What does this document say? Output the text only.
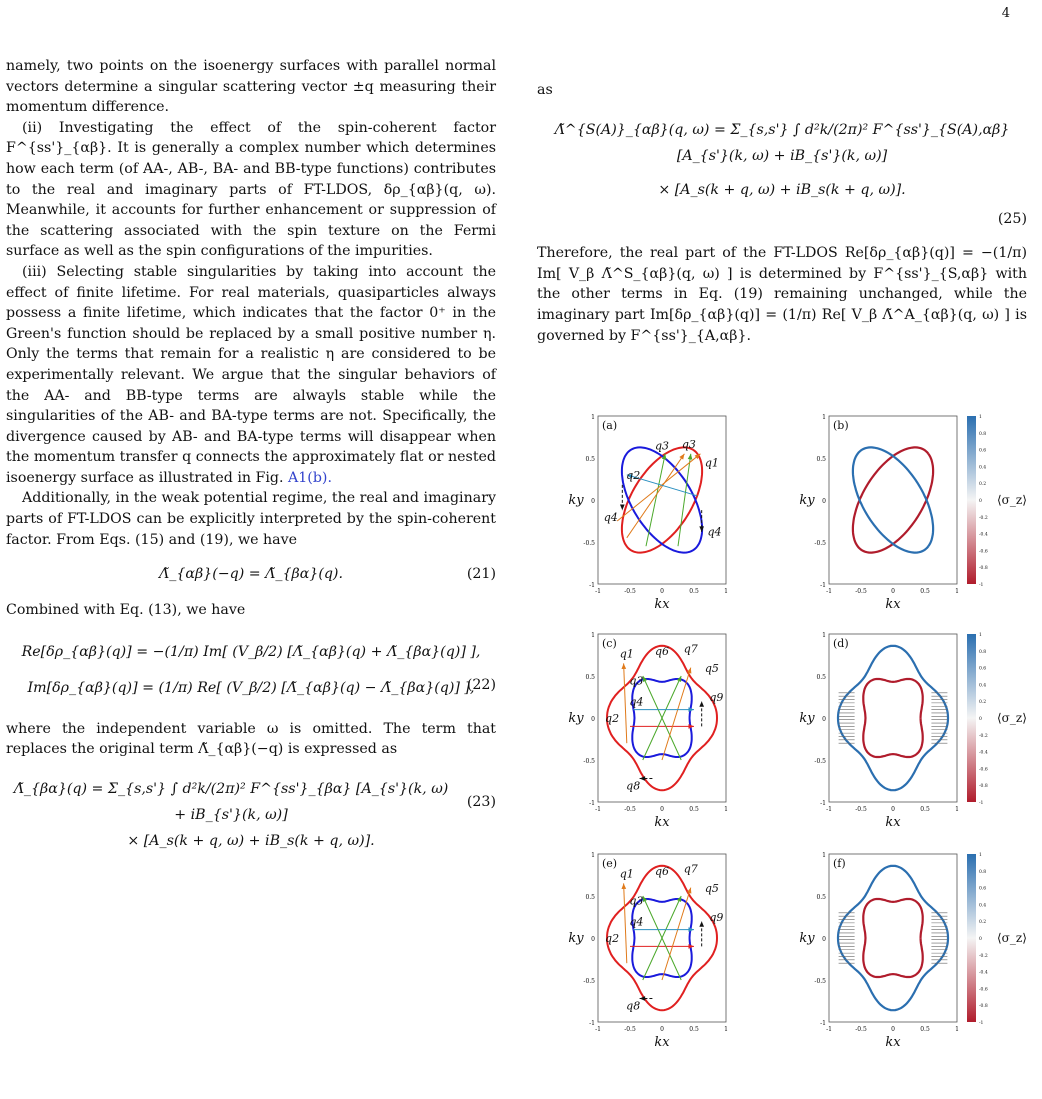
4

namely, two points on the isoenergy surfaces with parallel normal vectors determine a singular scattering vector ±q measuring their momentum difference.

(ii) Investigating the effect of the spin-coherent factor F^{ss'}_{αβ}. It is generally a complex number which determines how each term (of AA-, AB-, BA- and BB-type functions) contributes to the real and imaginary parts of FT-LDOS, δρ_{αβ}(q, ω). Meanwhile, it accounts for further enhancement or suppression of the scattering associated with the spin texture on the Fermi surface as well as the spin configurations of the impurities.

(iii) Selecting stable singularities by taking into account the effect of finite lifetime. For real materials, quasiparticles always possess a finite lifetime, which indicates that the factor 0⁺ in the Green's function should be replaced by a small positive number η. Only the terms that remain for a realistic η are considered to be experimentally relevant. We argue that the singular behaviors of the AA- and BB-type terms are alwayls stable while the singularities of the AB- and BA-type terms are not. Specifically, the divergence caused by AB- and BA-type terms will disappear when the momentum transfer q connects the approximately flat or nested isoenergy surface as illustrated in Fig. A1(b).

Additionally, in the weak potential regime, the real and imaginary parts of FT-LDOS can be explicitly interpreted by the spin-coherent factor. From Eqs. (15) and (19), we have

Λ̃_{αβ}(−q) = Λ̃_{βα}(q).	(21)

Combined with Eq. (13), we have

Re[δρ_{αβ}(q)] = −(1/π) Im[ (V_β/2) [Λ̃_{αβ}(q) + Λ̃_{βα}(q)] ],
Im[δρ_{αβ}(q)] = (1/π) Re[ (V_β/2) [Λ̃_{αβ}(q) − Λ̃_{βα}(q)] ],
(22)

where the independent variable ω is omitted. The term that replaces the original term Λ̃_{αβ}(−q) is expressed as

Λ̃_{βα}(q) = Σ_{s,s'} ∫ d²k/(2π)² F^{ss'}_{βα} [A_{s'}(k, ω) + iB_{s'}(k, ω)]
× [A_s(k + q, ω) + iB_s(k + q, ω)].
(23)

as

Λ̃^{S(A)}_{αβ}(q, ω) = Σ_{s,s'} ∫ d²k/(2π)² F^{ss'}_{S(A),αβ} [A_{s'}(k, ω) + iB_{s'}(k, ω)]
× [A_s(k + q, ω) + iB_s(k + q, ω)].
(25)

Therefore, the real part of the FT-LDOS Re[δρ_{αβ}(q)] = −(1/π) Im[ V_β Λ̃^S_{αβ}(q, ω) ] is determined by F^{ss'}_{S,αβ} with the other terms in Eq. (19) remaining unchanged, while the imaginary part Im[δρ_{αβ}(q)] = (1/π) Re[ V_β Λ̃^A_{αβ}(q, ω) ] is governed by F^{ss'}_{A,αβ}.

-1	-0.5	0	0.5	1
1
0.5
0
-0.5
-1
kx
ky
(a)
q3 q3
q2
q1
q4
q4
-1	-0.5	0	0.5	1
1
0.5
0
-0.5
-1
kx
ky
(b)
1
0.8
0.6
0.4
0.2
0
-0.2
-0.4
-0.6
-0.8
-1
⟨σ_z⟩
-1	-0.5	0	0.5	1
1
0.5
0
-0.5
-1
kx
ky
(c)
q1 q6 q7
q5
q3
q9
q4
q2
q8
-1	-0.5	0	0.5	1
1
0.5
0
-0.5
-1
kx
ky
(d)
1
0.8
0.6
0.4
0.2
0
-0.2
-0.4
-0.6
-0.8
-1
⟨σ_z⟩
-1	-0.5	0	0.5	1
1
0.5
0
-0.5
-1
kx
ky
(e)
q1 q6 q7
q5
q3
q9
q4
q2
q8
-1	-0.5	0	0.5	1
1
0.5
0
-0.5
-1
kx
ky
(f)
1
0.8
0.6
0.4
0.2
0
-0.2
-0.4
-0.6
-0.8
-1
⟨σ_z⟩
